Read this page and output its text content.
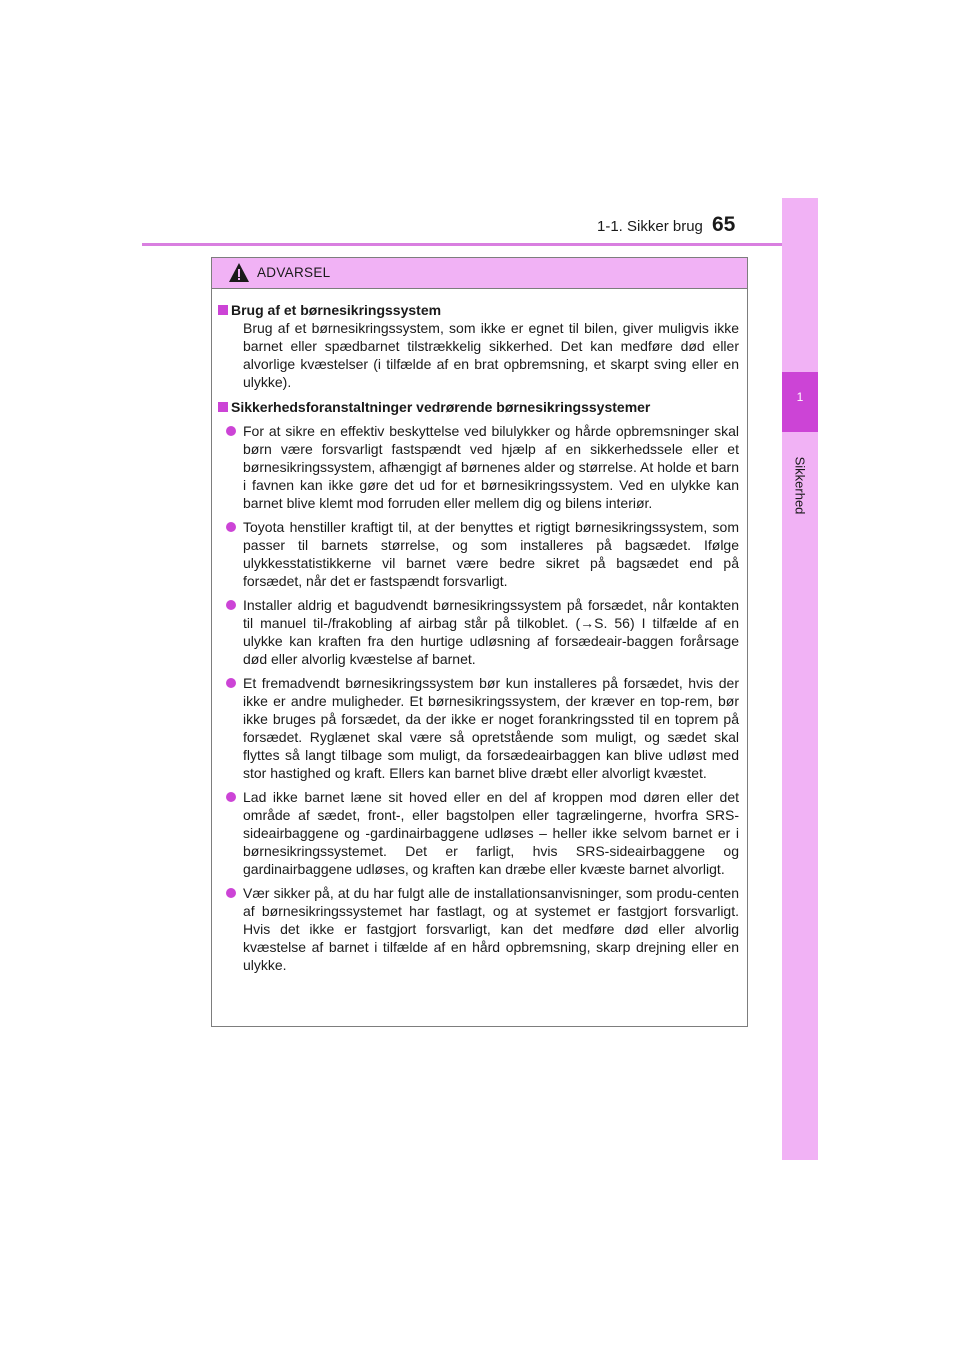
1-1. Sikker brug 65
1
Sikkerhed
ADVARSEL
Brug af et børnesikringssystem
Brug af et børnesikringssystem, som ikke er egnet til bilen, giver muligvis ikke barnet eller spædbarnet tilstrækkelig sikkerhed. Det kan medføre død eller alvorlige kvæstelser (i tilfælde af en brat opbremsning, et skarpt sving eller en ulykke).
Sikkerhedsforanstaltninger vedrørende børnesikringssystemer
For at sikre en effektiv beskyttelse ved bilulykker og hårde opbremsninger skal børn være forsvarligt fastspændt ved hjælp af en sikkerhedssele eller et børnesikringssystem, afhængigt af børnenes alder og størrelse. At holde et barn i favnen kan ikke gøre det ud for et børnesikringssystem. Ved en ulykke kan barnet blive klemt mod forruden eller mellem dig og bilens interiør.
Toyota henstiller kraftigt til, at der benyttes et rigtigt børnesikringssystem, som passer til barnets størrelse, og som installeres på bagsædet. Ifølge ulykkesstatistikkerne vil barnet være bedre sikret på bagsædet end på forsædet, når det er fastspændt forsvarligt.
Installer aldrig et bagudvendt børnesikringssystem på forsædet, når kontakten til manuel til-/frakobling af airbag står på tilkoblet. (→S. 56) I tilfælde af en ulykke kan kraften fra den hurtige udløsning af forsædeair-baggen forårsage død eller alvorlig kvæstelse af barnet.
Et fremadvendt børnesikringssystem bør kun installeres på forsædet, hvis der ikke er andre muligheder. Et børnesikringssystem, der kræver en top-rem, bør ikke bruges på forsædet, da der ikke er noget forankringssted til en toprem på forsædet. Ryglænet skal være så opretstående som muligt, og sædet skal flyttes så langt tilbage som muligt, da forsædeairbaggen kan blive udløst med stor hastighed og kraft. Ellers kan barnet blive dræbt eller alvorligt kvæstet.
Lad ikke barnet læne sit hoved eller en del af kroppen mod døren eller det område af sædet, front-, eller bagstolpen eller tagrælingerne, hvorfra SRS-sideairbaggene og -gardinairbaggene udløses – heller ikke selvom barnet er i børnesikringssystemet. Det er farligt, hvis SRS-sideairbaggene og gardinairbaggene udløses, og kraften kan dræbe eller kvæste barnet alvorligt.
Vær sikker på, at du har fulgt alle de installationsanvisninger, som produ-centen af børnesikringssystemet har fastlagt, og at systemet er fastgjort forsvarligt. Hvis det ikke er fastgjort forsvarligt, kan det medføre død eller alvorlig kvæstelse af barnet i tilfælde af en hård opbremsning, skarp drejning eller en ulykke.
